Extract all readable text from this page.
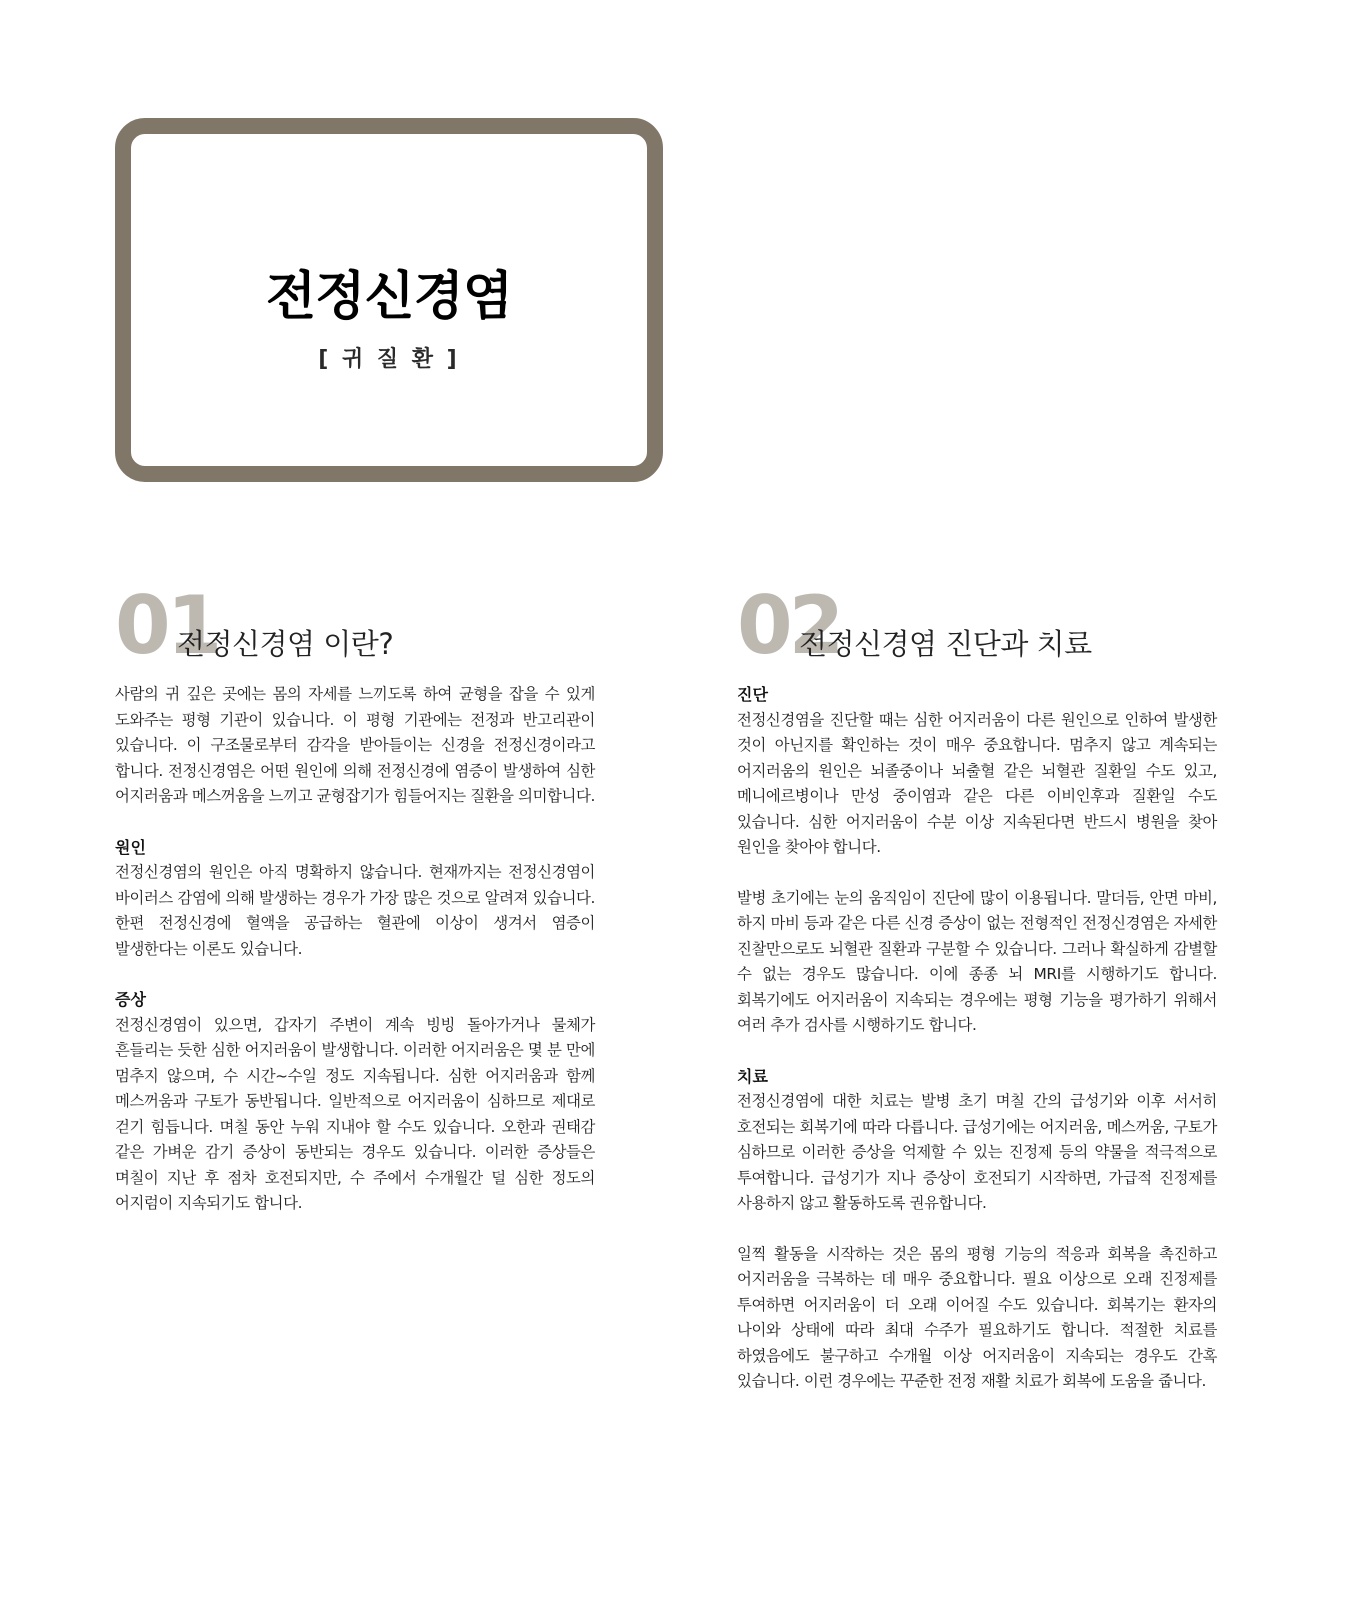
전정신경염
[ 귀 질 환 ]
01
전정신경염 이란?

사람의 귀 깊은 곳에는 몸의 자세를 느끼도록 하여 균형을 잡을 수 있게 도와주는 평형 기관이 있습니다. 이 평형 기관에는 전정과 반고리관이 있습니다. 이 구조물로부터 감각을 받아들이는 신경을 전정신경이라고 합니다. 전정신경염은 어떤 원인에 의해 전정신경에 염증이 발생하여 심한 어지러움과 메스꺼움을 느끼고 균형잡기가 힘들어지는 질환을 의미합니다.

원인

전정신경염의 원인은 아직 명확하지 않습니다. 현재까지는 전정신경염이 바이러스 감염에 의해 발생하는 경우가 가장 많은 것으로 알려져 있습니다. 한편 전정신경에 혈액을 공급하는 혈관에 이상이 생겨서 염증이 발생한다는 이론도 있습니다.

증상

전정신경염이 있으면, 갑자기 주변이 계속 빙빙 돌아가거나 물체가 흔들리는 듯한 심한 어지러움이 발생합니다. 이러한 어지러움은 몇 분 만에 멈추지 않으며, 수 시간~수일 정도 지속됩니다. 심한 어지러움과 함께 메스꺼움과 구토가 동반됩니다. 일반적으로 어지러움이 심하므로 제대로 걷기 힘듭니다. 며칠 동안 누워 지내야 할 수도 있습니다. 오한과 권태감 같은 가벼운 감기 증상이 동반되는 경우도 있습니다. 이러한 증상들은 며칠이 지난 후 점차 호전되지만, 수 주에서 수개월간 덜 심한 정도의 어지럼이 지속되기도 합니다.

02
전정신경염 진단과 치료

진단

전정신경염을 진단할 때는 심한 어지러움이 다른 원인으로 인하여 발생한 것이 아닌지를 확인하는 것이 매우 중요합니다. 멈추지 않고 계속되는 어지러움의 원인은 뇌졸중이나 뇌출혈 같은 뇌혈관 질환일 수도 있고, 메니에르병이나 만성 중이염과 같은 다른 이비인후과 질환일 수도 있습니다. 심한 어지러움이 수분 이상 지속된다면 반드시 병원을 찾아 원인을 찾아야 합니다.

발병 초기에는 눈의 움직임이 진단에 많이 이용됩니다. 말더듬, 안면 마비, 하지 마비 등과 같은 다른 신경 증상이 없는 전형적인 전정신경염은 자세한 진찰만으로도 뇌혈관 질환과 구분할 수 있습니다. 그러나 확실하게 감별할 수 없는 경우도 많습니다. 이에 종종 뇌 MRI를 시행하기도 합니다. 회복기에도 어지러움이 지속되는 경우에는 평형 기능을 평가하기 위해서 여러 추가 검사를 시행하기도 합니다.

치료

전정신경염에 대한 치료는 발병 초기 며칠 간의 급성기와 이후 서서히 호전되는 회복기에 따라 다릅니다. 급성기에는 어지러움, 메스꺼움, 구토가 심하므로 이러한 증상을 억제할 수 있는 진정제 등의 약물을 적극적으로 투여합니다. 급성기가 지나 증상이 호전되기 시작하면, 가급적 진정제를 사용하지 않고 활동하도록 권유합니다.

일찍 활동을 시작하는 것은 몸의 평형 기능의 적응과 회복을 촉진하고 어지러움을 극복하는 데 매우 중요합니다. 필요 이상으로 오래 진정제를 투여하면 어지러움이 더 오래 이어질 수도 있습니다. 회복기는 환자의 나이와 상태에 따라 최대 수주가 필요하기도 합니다. 적절한 치료를 하였음에도 불구하고 수개월 이상 어지러움이 지속되는 경우도 간혹 있습니다. 이런 경우에는 꾸준한 전정 재활 치료가 회복에 도움을 줍니다.
